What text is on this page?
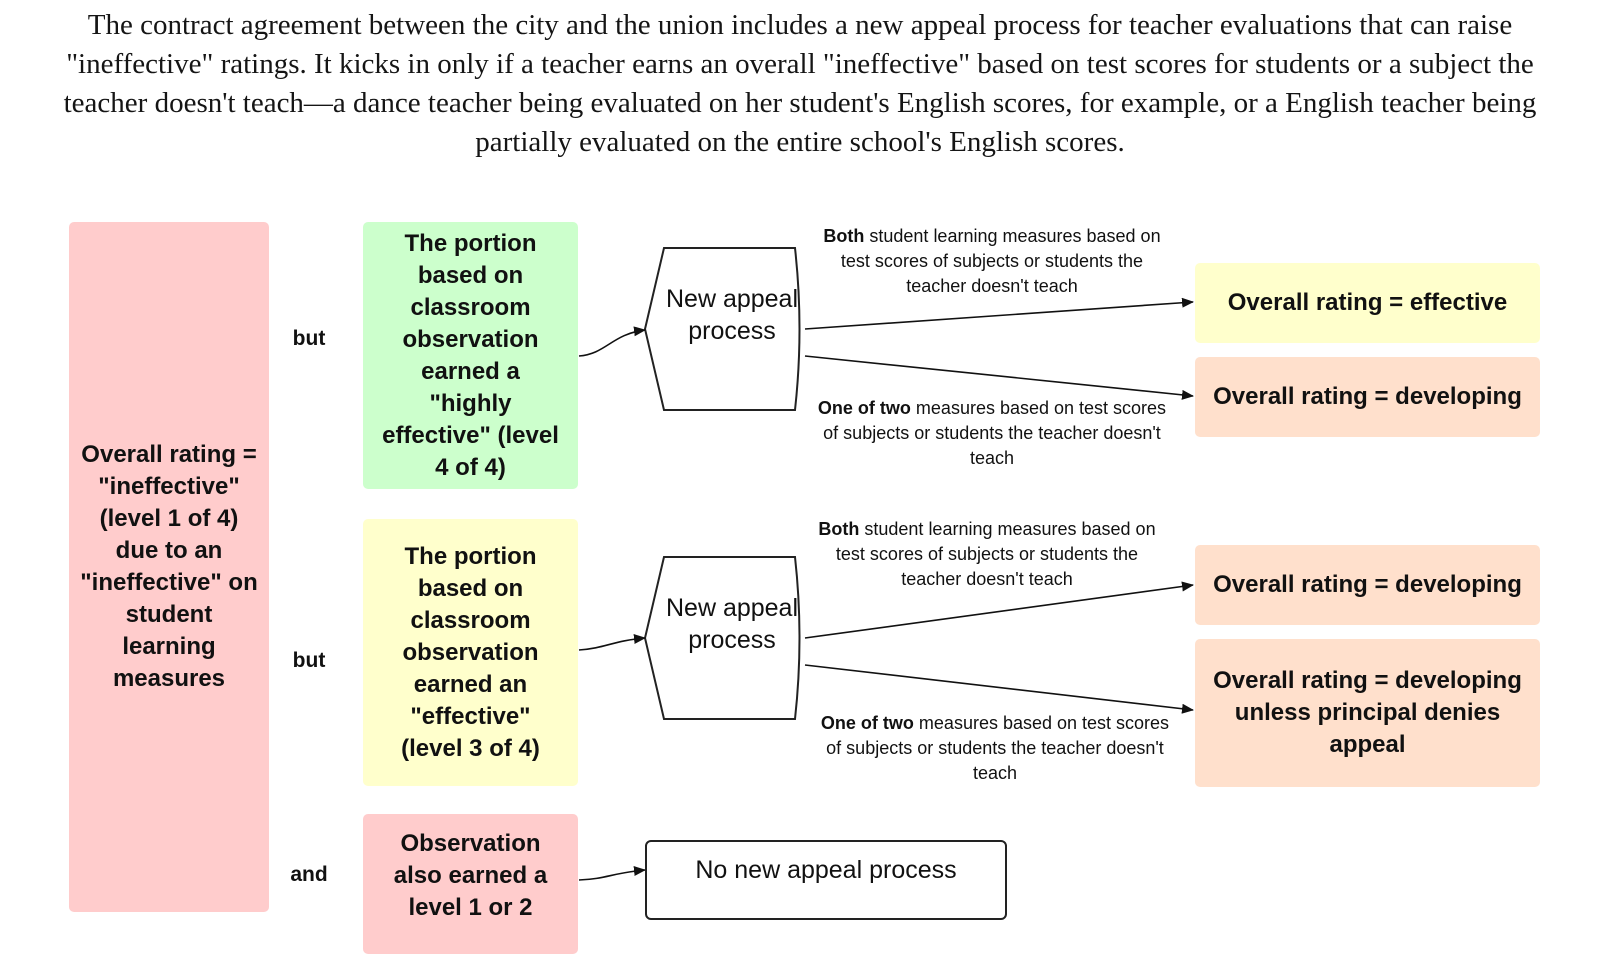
The contract agreement between the city and the union includes a new appeal process for teacher evaluations that can raise "ineffective" ratings. It kicks in only if a teacher earns an overall "ineffective" based on test scores for students or a subject the teacher doesn't teach—a dance teacher being evaluated on her student's English scores, for example, or a English teacher being partially evaluated on the entire school's English scores.
Overall rating = "ineffective" (level 1 of 4) due to an "ineffective" on student learning measures
but
The portion based on classroom observation earned a "highly effective" (level 4 of 4)
New appeal process
Both student learning measures based on test scores of subjects or students the teacher doesn't teach
One of two measures based on test scores of subjects or students the teacher doesn't teach
Overall rating = effective
Overall rating = developing
but
The portion based on classroom observation earned an "effective" (level 3 of 4)
New appeal process
Both student learning measures based on test scores of subjects or students the teacher doesn't teach
One of two measures based on test scores of subjects or students the teacher doesn't teach
Overall rating = developing
Overall rating = developing unless principal denies appeal
and
Observation also earned a level 1 or 2
No new appeal process
